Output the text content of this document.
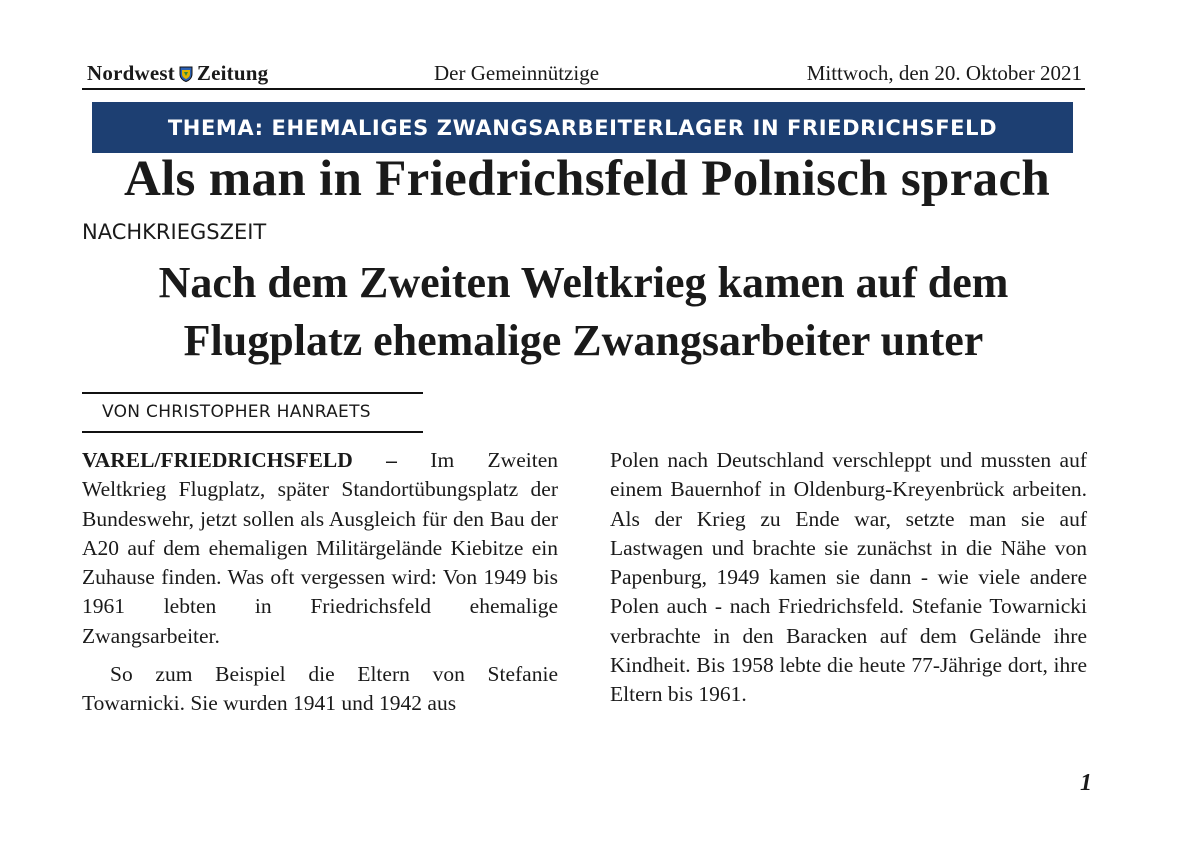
Nordwest Zeitung	Der Gemeinnützige	Mittwoch, den 20. Oktober 2021
THEMA: EHEMALIGES ZWANGSARBEITERLAGER IN FRIEDRICHSFELD
Als man in Friedrichsfeld Polnisch sprach
NACHKRIEGSZEIT
Nach dem Zweiten Weltkrieg kamen auf dem Flugplatz ehemalige Zwangsarbeiter unter
VON CHRISTOPHER HANRAETS

VAREL/FRIEDRICHSFELD – Im Zweiten Weltkrieg Flugplatz, später Standortübungsplatz der Bundeswehr, jetzt sollen als Ausgleich für den Bau der A20 auf dem ehemaligen Militärgelände Kiebitze ein Zuhause finden. Was oft vergessen wird: Von 1949 bis 1961 lebten in Friedrichsfeld ehemalige Zwangsarbeiter.

So zum Beispiel die Eltern von Stefanie Towarnicki. Sie wurden 1941 und 1942 aus

Polen nach Deutschland verschleppt und mussten auf einem Bauernhof in Oldenburg-Kreyenbrück arbeiten. Als der Krieg zu Ende war, setzte man sie auf Lastwagen und brachte sie zunächst in die Nähe von Papenburg, 1949 kamen sie dann - wie viele andere Polen auch - nach Friedrichsfeld. Stefanie Towarnicki verbrachte in den Baracken auf dem Gelände ihre Kindheit. Bis 1958 lebte die heute 77-Jährige dort, ihre Eltern bis 1961.

1
